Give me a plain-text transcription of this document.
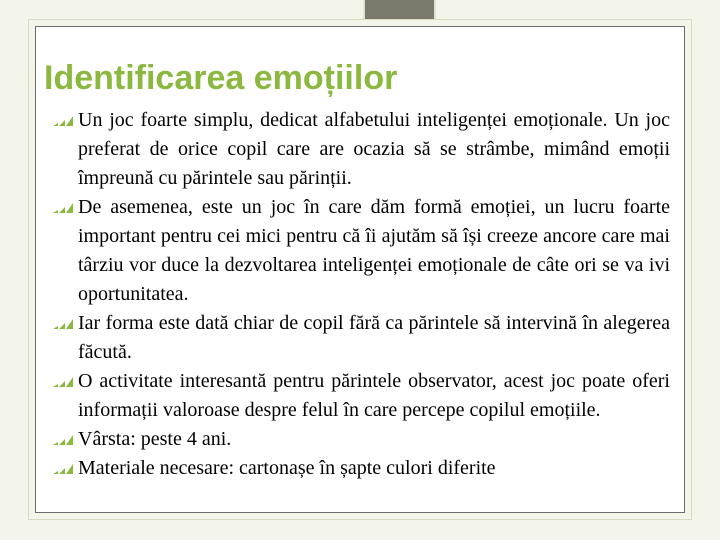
Identificarea emoțiilor
Un joc foarte simplu, dedicat alfabetului inteligenței emoționale. Un joc preferat de orice copil care are ocazia să se strâmbe, mimând emoții împreună cu părintele sau părinții.
De asemenea, este un joc în care dăm formă emoției, un lucru foarte important pentru cei mici pentru că îi ajutăm să își creeze ancore care mai târziu vor duce la dezvoltarea inteligenței emoționale de câte ori se va ivi oportunitatea.
Iar forma este dată chiar de copil fără ca părintele să intervină în alegerea făcută.
O activitate interesantă pentru părintele observator, acest joc poate oferi informații valoroase despre felul în care percepe copilul emoțiile.
Vârsta: peste 4 ani.
Materiale necesare: cartonașe în șapte culori diferite
